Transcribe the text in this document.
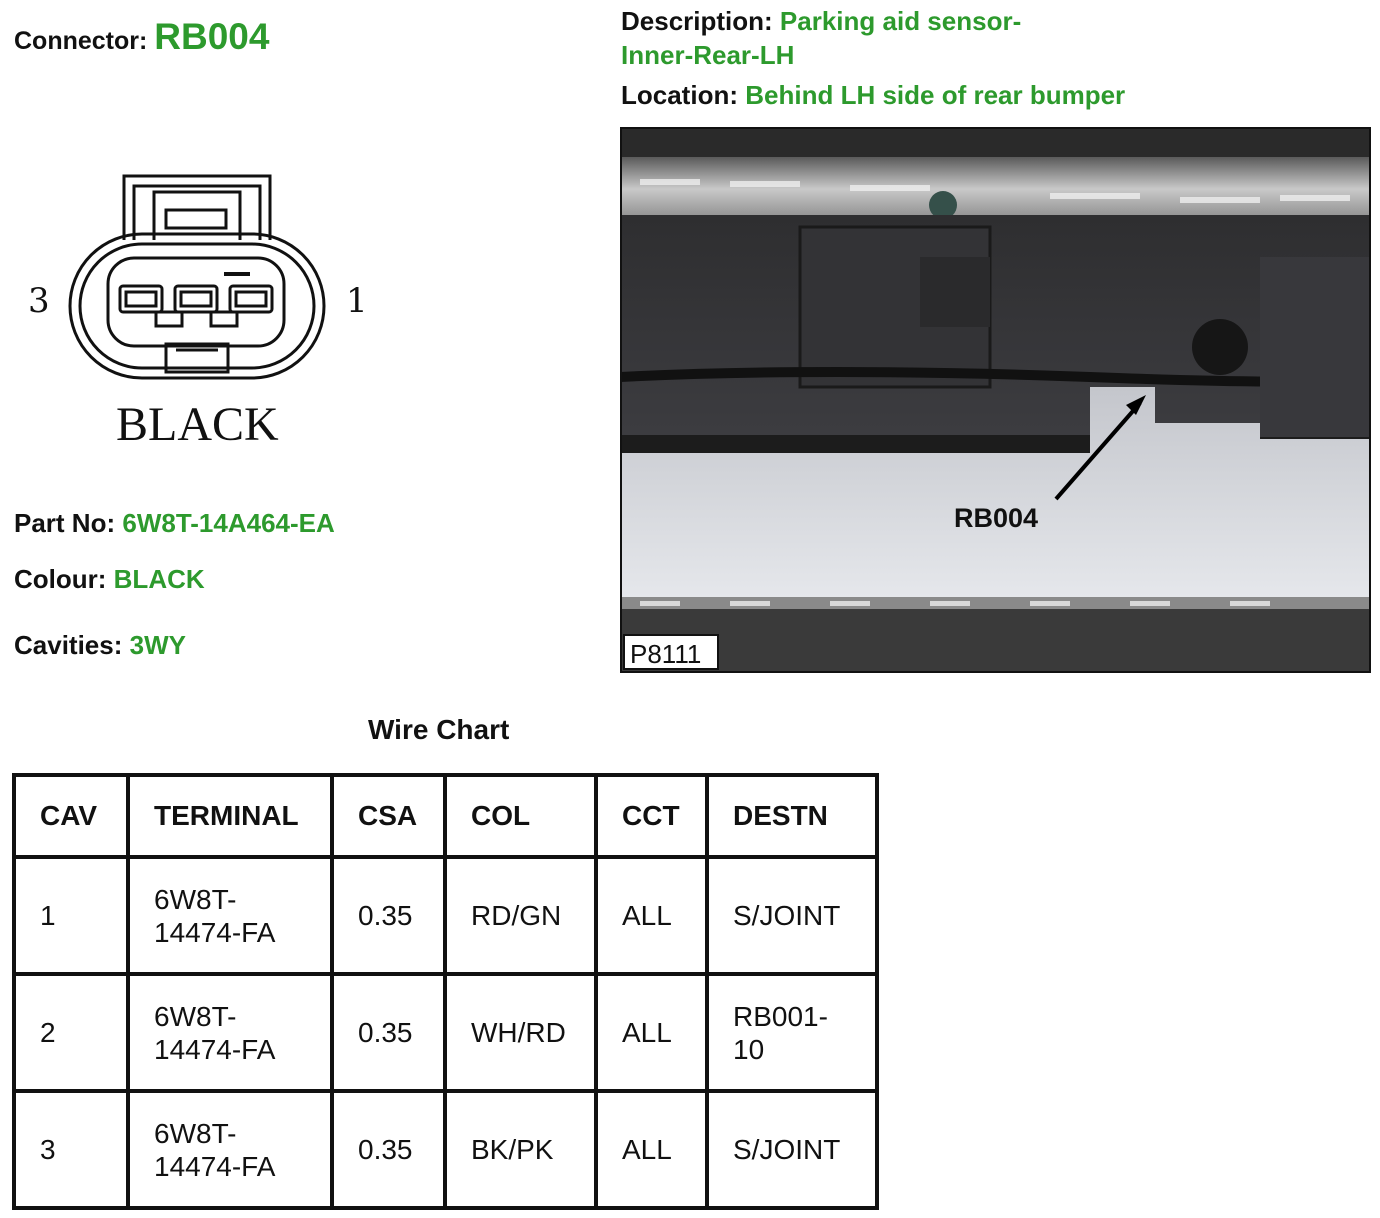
Connector: RB004	Description: Parking aid sensor-
Inner-Rear-LH
Location: Behind LH side of rear bumper
3	1
BLACK
Part No: 6W8T-14A464-EA
Colour: BLACK
Cavities: 3WY
RB004
P8111
Wire Chart
CAV	TERMINAL	CSA	COL	CCT	DESTN
1	6W8T-
14474-FA	0.35	RD/GN	ALL	S/JOINT
2	6W8T-
14474-FA	0.35	WH/RD	ALL	RB001-
10
3	6W8T-
14474-FA	0.35	BK/PK	ALL	S/JOINT
